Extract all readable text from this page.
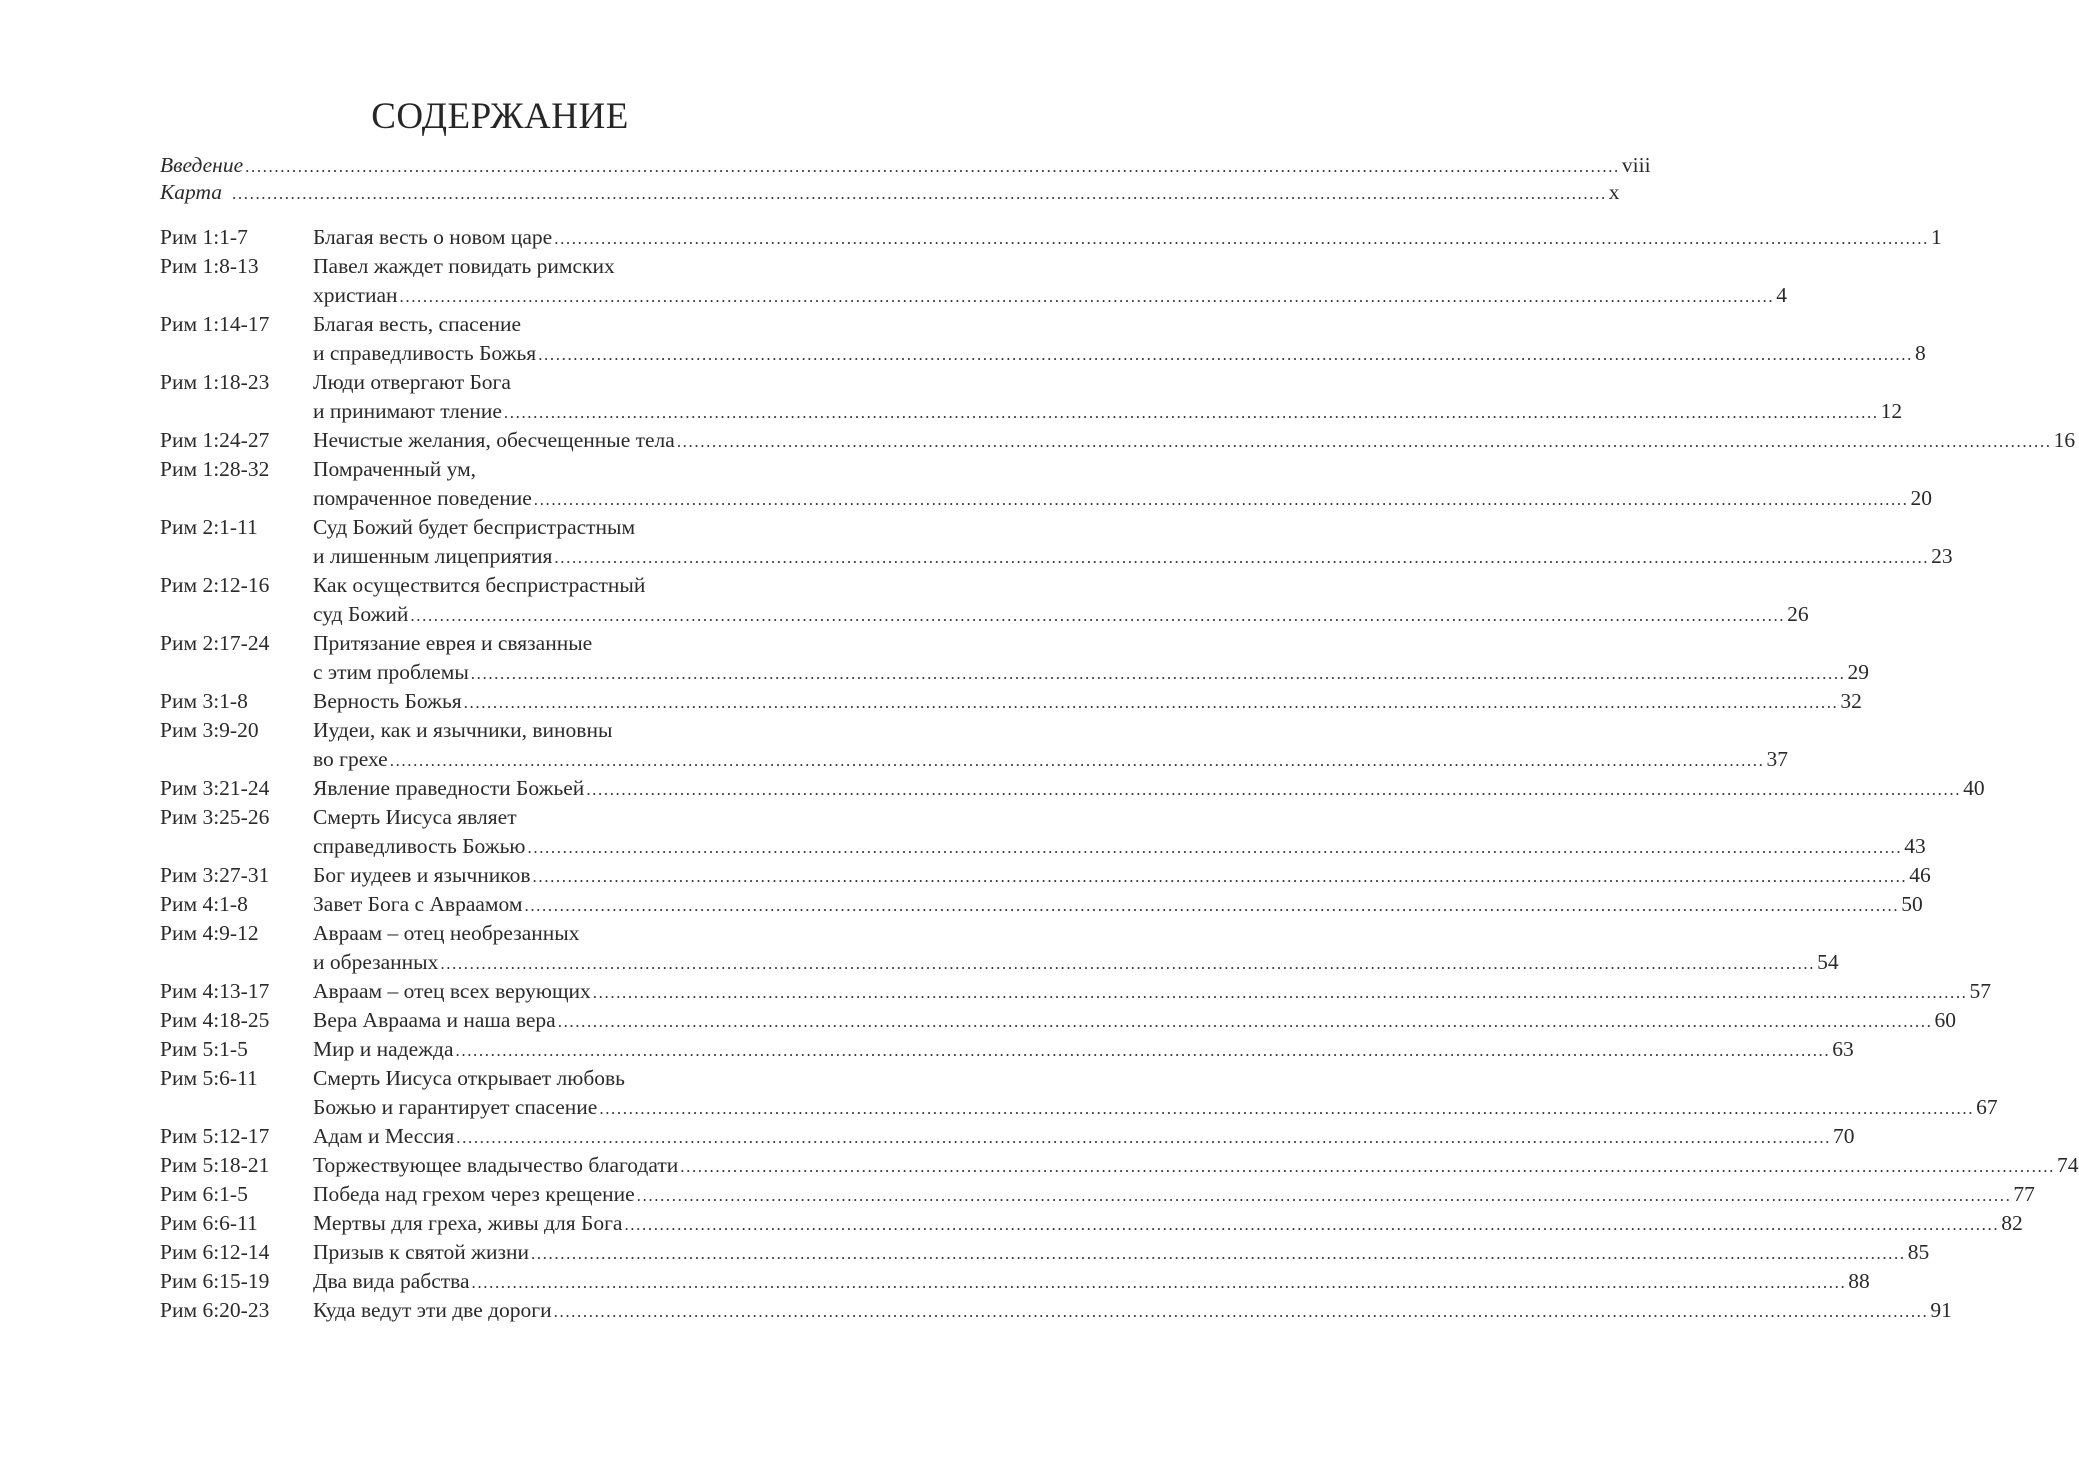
СОДЕРЖАНИЕ
Введение .....	viii
Карта .....	x
Рим 1:1-7	Благая весть о новом царе .....	1
Рим 1:8-13	Павел жаждет повидать римских
христиан .....	4
Рим 1:14-17	Благая весть, спасение
и справедливость Божья .....	8
Рим 1:18-23	Люди отвергают Бога
и принимают тление .....	12
Рим 1:24-27	Нечистые желания, обесчещенные тела .....	16
Рим 1:28-32	Помраченный ум,
помраченное поведение .....	20
Рим 2:1-11	Суд Божий будет беспристрастным
и лишенным лицеприятия .....	23
Рим 2:12-16	Как осуществится беспристрастный
суд Божий .....	26
Рим 2:17-24	Притязание еврея и связанные
с этим проблемы .....	29
Рим 3:1-8	Верность Божья .....	32
Рим 3:9-20	Иудеи, как и язычники, виновны
во грехе .....	37
Рим 3:21-24	Явление праведности Божьей .....	40
Рим 3:25-26	Смерть Иисуса являет
справедливость Божью .....	43
Рим 3:27-31	Бог иудеев и язычников .....	46
Рим 4:1-8	Завет Бога с Авраамом .....	50
Рим 4:9-12	Авраам – отец необрезанных
и обрезанных .....	54
Рим 4:13-17	Авраам – отец всех верующих .....	57
Рим 4:18-25	Вера Авраама и наша вера .....	60
Рим 5:1-5	Мир и надежда .....	63
Рим 5:6-11	Смерть Иисуса открывает любовь
Божью и гарантирует спасение .....	67
Рим 5:12-17	Адам и Мессия .....	70
Рим 5:18-21	Торжествующее владычество благодати .....	74
Рим 6:1-5	Победа над грехом через крещение .....	77
Рим 6:6-11	Мертвы для греха, живы для Бога .....	82
Рим 6:12-14	Призыв к святой жизни .....	85
Рим 6:15-19	Два вида рабства .....	88
Рим 6:20-23	Куда ведут эти две дороги .....	91
